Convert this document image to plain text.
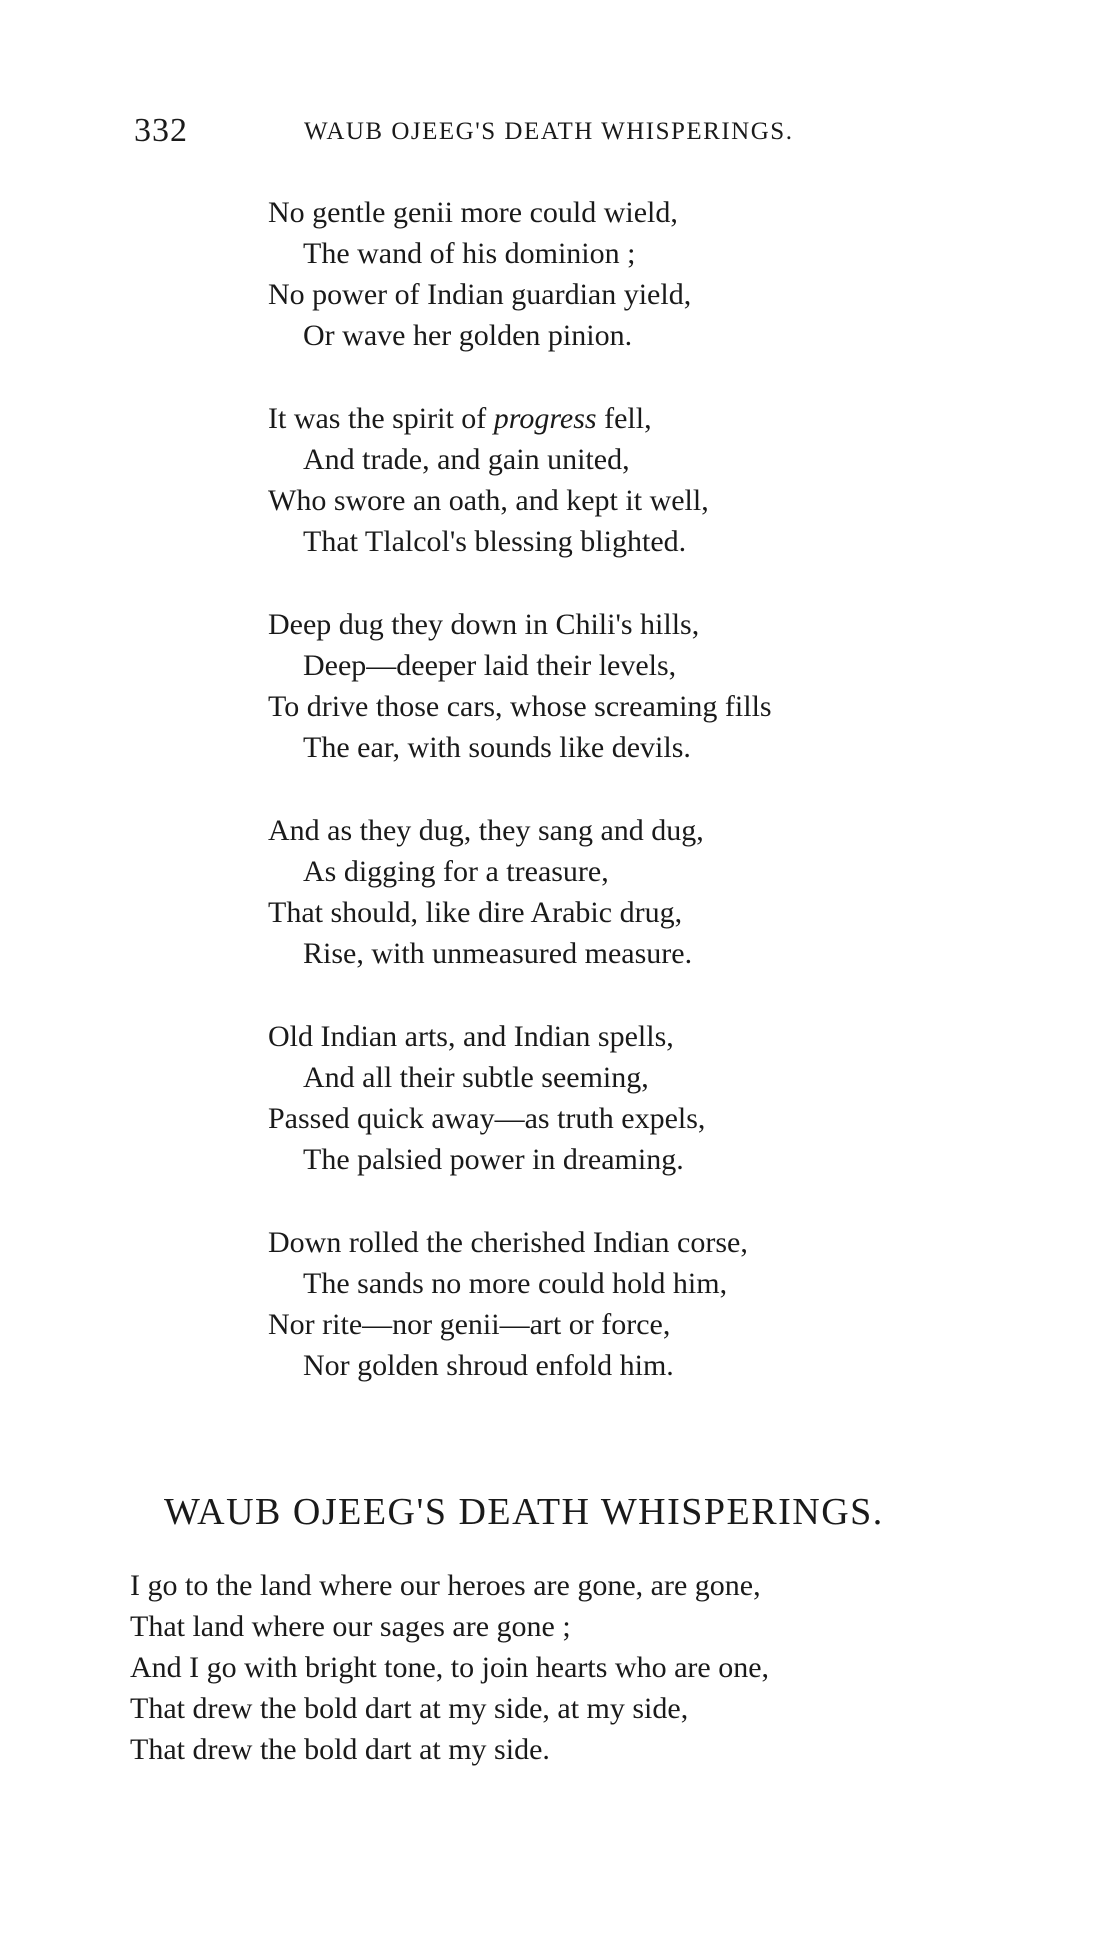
332	WAUB OJEEG'S DEATH WHISPERINGS.
No gentle genii more could wield,
The wand of his dominion ;
No power of Indian guardian yield,
Or wave her golden pinion.
It was the spirit of progress fell,
And trade, and gain united,
Who swore an oath, and kept it well,
That Tlalcol's blessing blighted.
Deep dug they down in Chili's hills,
Deep—deeper laid their levels,
To drive those cars, whose screaming fills
The ear, with sounds like devils.
And as they dug, they sang and dug,
As digging for a treasure,
That should, like dire Arabic drug,
Rise, with unmeasured measure.
Old Indian arts, and Indian spells,
And all their subtle seeming,
Passed quick away—as truth expels,
The palsied power in dreaming.
Down rolled the cherished Indian corse,
The sands no more could hold him,
Nor rite—nor genii—art or force,
Nor golden shroud enfold him.
WAUB OJEEG'S DEATH WHISPERINGS.
I go to the land where our heroes are gone, are gone,
That land where our sages are gone ;
And I go with bright tone, to join hearts who are one,
That drew the bold dart at my side, at my side,
That drew the bold dart at my side.
